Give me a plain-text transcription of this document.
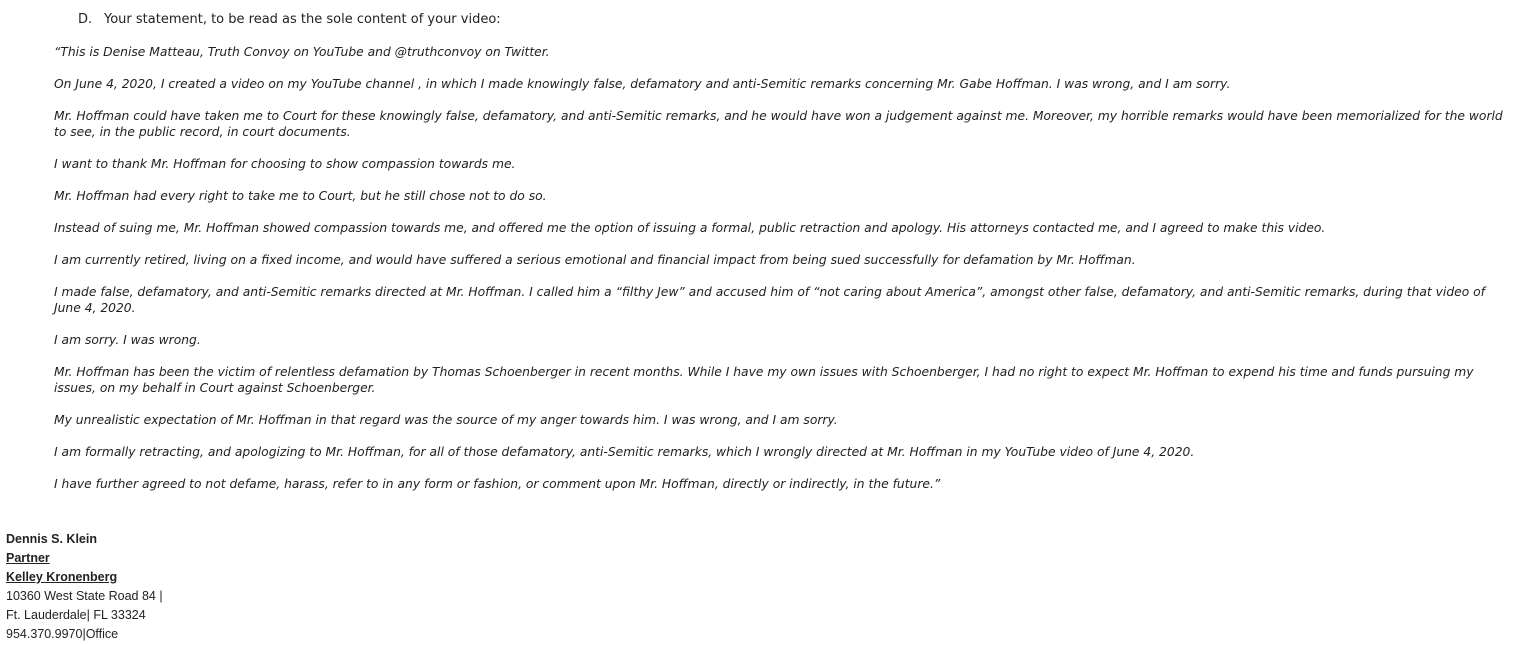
D. Your statement, to be read as the sole content of your video:

“This is Denise Matteau, Truth Convoy on YouTube and @truthconvoy on Twitter.

On June 4, 2020, I created a video on my YouTube channel , in which I made knowingly false, defamatory and anti-Semitic remarks concerning Mr. Gabe Hoffman. I was wrong, and I am sorry.

Mr. Hoffman could have taken me to Court for these knowingly false, defamatory, and anti-Semitic remarks, and he would have won a judgement against me. Moreover, my horrible remarks would have been memorialized for the world to see, in the public record, in court documents.

I want to thank Mr. Hoffman for choosing to show compassion towards me.

Mr. Hoffman had every right to take me to Court, but he still chose not to do so.

Instead of suing me, Mr. Hoffman showed compassion towards me, and offered me the option of issuing a formal, public retraction and apology. His attorneys contacted me, and I agreed to make this video.

I am currently retired, living on a fixed income, and would have suffered a serious emotional and financial impact from being sued successfully for defamation by Mr. Hoffman.

I made false, defamatory, and anti-Semitic remarks directed at Mr. Hoffman. I called him a “filthy Jew” and accused him of “not caring about America”, amongst other false, defamatory, and anti-Semitic remarks, during that video of June 4, 2020.

I am sorry. I was wrong.

Mr. Hoffman has been the victim of relentless defamation by Thomas Schoenberger in recent months. While I have my own issues with Schoenberger, I had no right to expect Mr. Hoffman to expend his time and funds pursuing my issues, on my behalf in Court against Schoenberger.

My unrealistic expectation of Mr. Hoffman in that regard was the source of my anger towards him. I was wrong, and I am sorry.

I am formally retracting, and apologizing to Mr. Hoffman, for all of those defamatory, anti-Semitic remarks, which I wrongly directed at Mr. Hoffman in my YouTube video of June 4, 2020.

I have further agreed to not defame, harass, refer to in any form or fashion, or comment upon Mr. Hoffman, directly or indirectly, in the future.”

Dennis S. Klein
Partner
Kelley Kronenberg
10360 West State Road 84 |
Ft. Lauderdale| FL 33324
954.370.9970|Office
